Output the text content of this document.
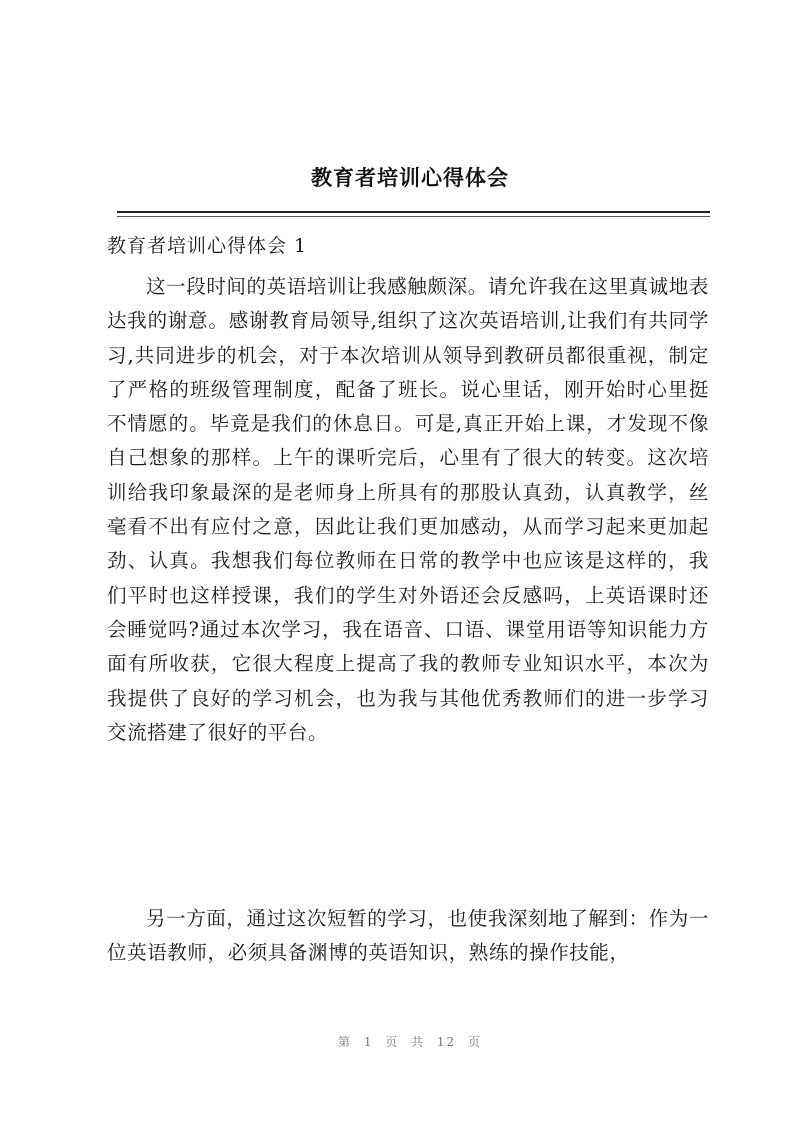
教育者培训心得体会
教育者培训心得体会 1
这一段时间的英语培训让我感触颇深。请允许我在这里真诚地表达我的谢意。感谢教育局领导,组织了这次英语培训,让我们有共同学习,共同进步的机会，对于本次培训从领导到教研员都很重视，制定了严格的班级管理制度，配备了班长。说心里话，刚开始时心里挺不情愿的。毕竟是我们的休息日。可是,真正开始上课，才发现不像自己想象的那样。上午的课听完后，心里有了很大的转变。这次培训给我印象最深的是老师身上所具有的那股认真劲，认真教学，丝毫看不出有应付之意，因此让我们更加感动，从而学习起来更加起劲、认真。我想我们每位教师在日常的教学中也应该是这样的，我们平时也这样授课，我们的学生对外语还会反感吗，上英语课时还会睡觉吗?通过本次学习，我在语音、口语、课堂用语等知识能力方面有所收获，它很大程度上提高了我的教师专业知识水平，本次为我提供了良好的学习机会，也为我与其他优秀教师们的进一步学习交流搭建了很好的平台。
另一方面，通过这次短暂的学习，也使我深刻地了解到：作为一位英语教师，必须具备渊博的英语知识，熟练的操作技能，
第 1 页 共 12 页
